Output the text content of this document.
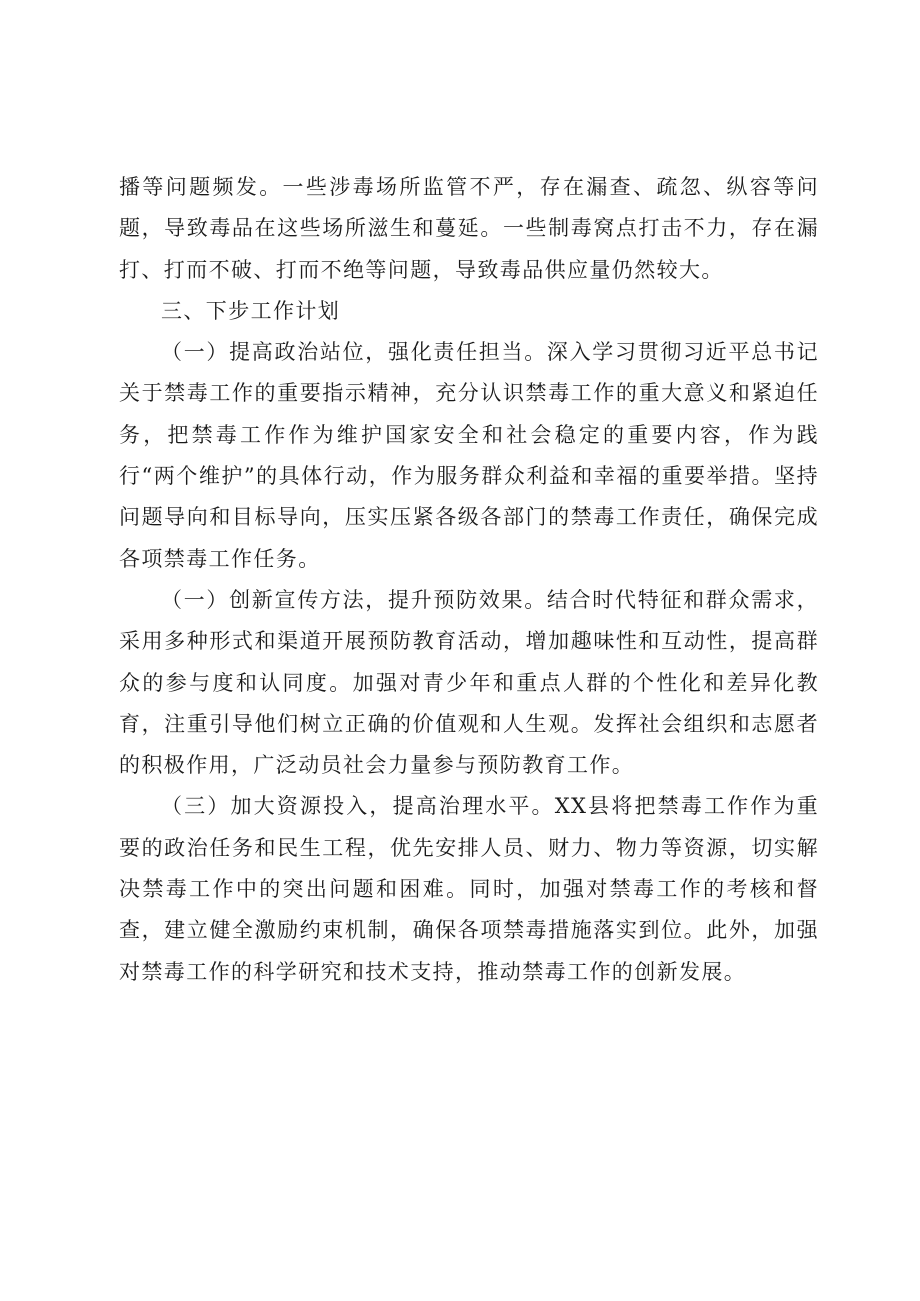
播等问题频发。一些涉毒场所监管不严，存在漏查、疏忽、纵容等问题，导致毒品在这些场所滋生和蔓延。一些制毒窝点打击不力，存在漏打、打而不破、打而不绝等问题，导致毒品供应量仍然较大。

三、下步工作计划

（一）提高政治站位，强化责任担当。深入学习贯彻习近平总书记关于禁毒工作的重要指示精神，充分认识禁毒工作的重大意义和紧迫任务，把禁毒工作作为维护国家安全和社会稳定的重要内容，作为践行“两个维护”的具体行动，作为服务群众利益和幸福的重要举措。坚持问题导向和目标导向，压实压紧各级各部门的禁毒工作责任，确保完成各项禁毒工作任务。

（一）创新宣传方法，提升预防效果。结合时代特征和群众需求，采用多种形式和渠道开展预防教育活动，增加趣味性和互动性，提高群众的参与度和认同度。加强对青少年和重点人群的个性化和差异化教育，注重引导他们树立正确的价值观和人生观。发挥社会组织和志愿者的积极作用，广泛动员社会力量参与预防教育工作。

（三）加大资源投入，提高治理水平。XX县将把禁毒工作作为重要的政治任务和民生工程，优先安排人员、财力、物力等资源，切实解决禁毒工作中的突出问题和困难。同时，加强对禁毒工作的考核和督查，建立健全激励约束机制，确保各项禁毒措施落实到位。此外，加强对禁毒工作的科学研究和技术支持，推动禁毒工作的创新发展。
